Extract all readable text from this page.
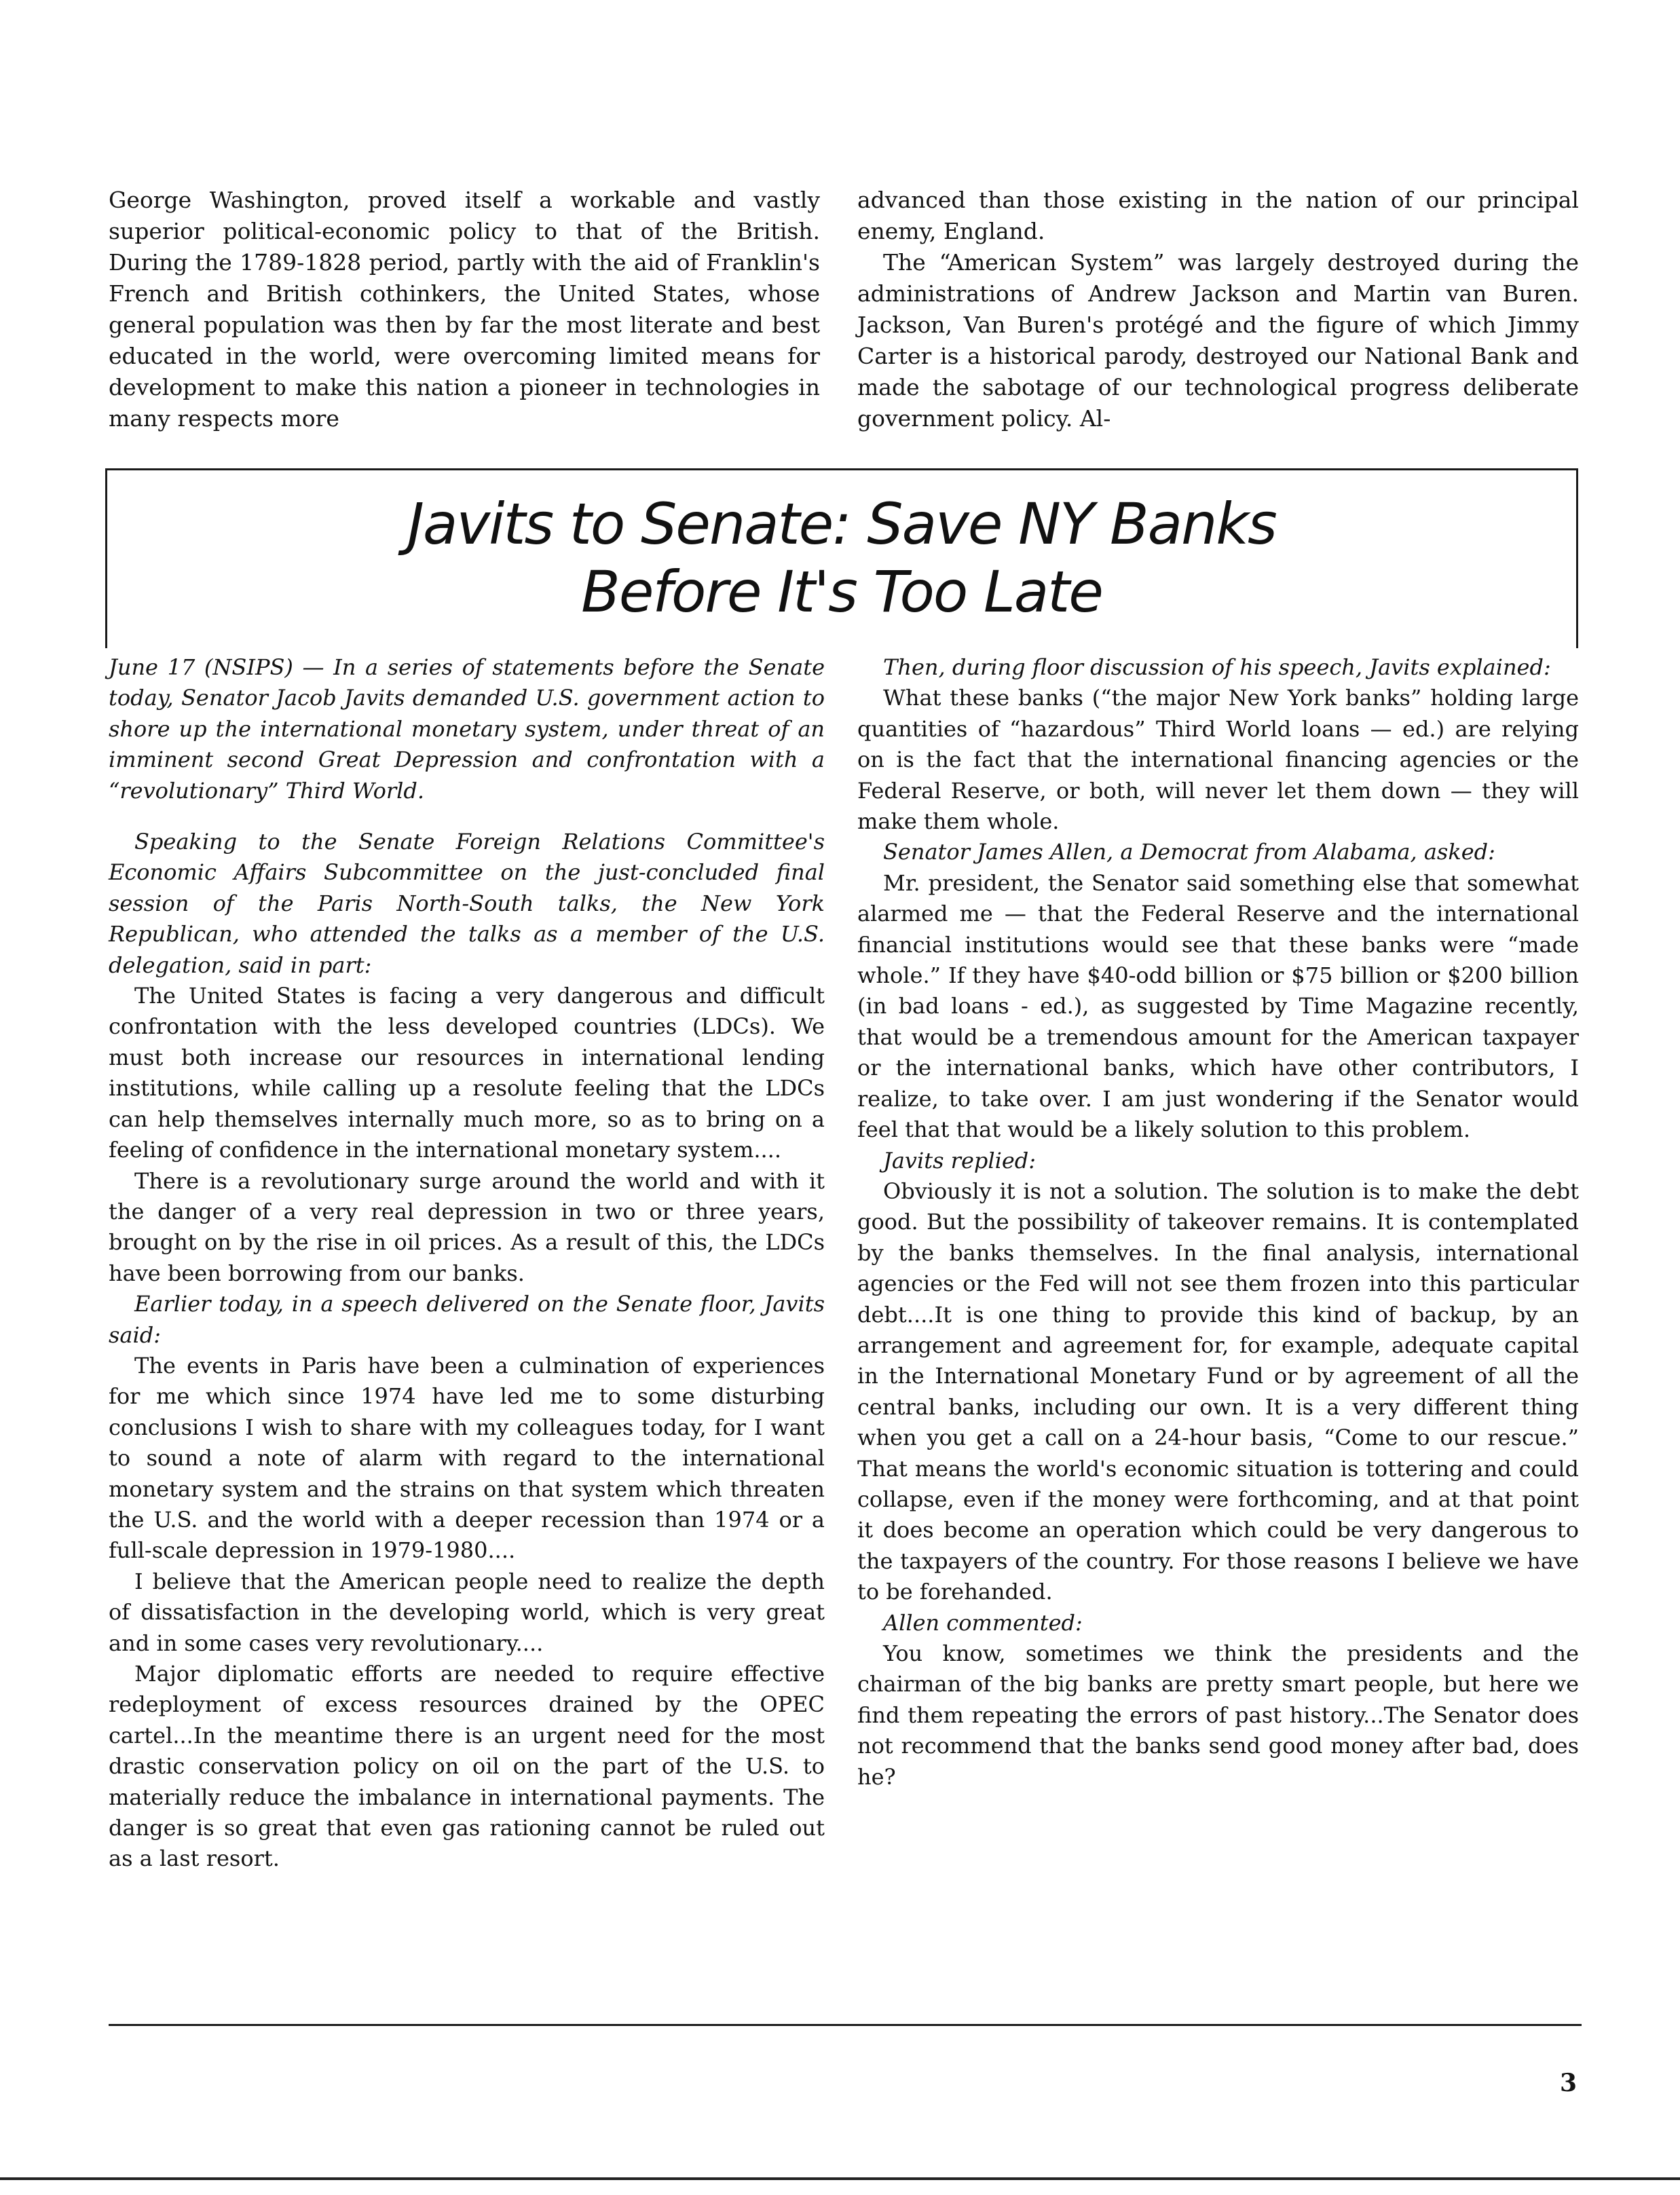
George Washington, proved itself a workable and vastly superior political-economic policy to that of the British. During the 1789-1828 period, partly with the aid of Franklin's French and British cothinkers, the United States, whose general population was then by far the most literate and best educated in the world, were overcoming limited means for development to make this nation a pioneer in technologies in many respects more

advanced than those existing in the nation of our principal enemy, England.

The “American System” was largely destroyed during the administrations of Andrew Jackson and Martin van Buren. Jackson, Van Buren's protégé and the figure of which Jimmy Carter is a historical parody, destroyed our National Bank and made the sabotage of our technological progress deliberate government policy. Al-

Javits to Senate: Save NY Banks
Before It's Too Late

June 17 (NSIPS) — In a series of statements before the Senate today, Senator Jacob Javits demanded U.S. government action to shore up the international monetary system, under threat of an imminent second Great Depression and confrontation with a “revolutionary” Third World.

Speaking to the Senate Foreign Relations Committee's Economic Affairs Subcommittee on the just-concluded final session of the Paris North-South talks, the New York Republican, who attended the talks as a member of the U.S. delegation, said in part:

The United States is facing a very dangerous and difficult confrontation with the less developed countries (LDCs). We must both increase our resources in international lending institutions, while calling up a resolute feeling that the LDCs can help themselves internally much more, so as to bring on a feeling of confidence in the international monetary system....

There is a revolutionary surge around the world and with it the danger of a very real depression in two or three years, brought on by the rise in oil prices. As a result of this, the LDCs have been borrowing from our banks.

Earlier today, in a speech delivered on the Senate floor, Javits said:

The events in Paris have been a culmination of experiences for me which since 1974 have led me to some disturbing conclusions I wish to share with my colleagues today, for I want to sound a note of alarm with regard to the international monetary system and the strains on that system which threaten the U.S. and the world with a deeper recession than 1974 or a full-scale depression in 1979-1980....

I believe that the American people need to realize the depth of dissatisfaction in the developing world, which is very great and in some cases very revolutionary....

Major diplomatic efforts are needed to require effective redeployment of excess resources drained by the OPEC cartel...In the meantime there is an urgent need for the most drastic conservation policy on oil on the part of the U.S. to materially reduce the imbalance in international payments. The danger is so great that even gas rationing cannot be ruled out as a last resort.

Then, during floor discussion of his speech, Javits explained:

What these banks (“the major New York banks” holding large quantities of “hazardous” Third World loans — ed.) are relying on is the fact that the international financing agencies or the Federal Reserve, or both, will never let them down — they will make them whole.

Senator James Allen, a Democrat from Alabama, asked:

Mr. president, the Senator said something else that somewhat alarmed me — that the Federal Reserve and the international financial institutions would see that these banks were “made whole.” If they have $40-odd billion or $75 billion or $200 billion (in bad loans - ed.), as suggested by Time Magazine recently, that would be a tremendous amount for the American taxpayer or the international banks, which have other contributors, I realize, to take over. I am just wondering if the Senator would feel that that would be a likely solution to this problem.

Javits replied:

Obviously it is not a solution. The solution is to make the debt good. But the possibility of takeover remains. It is contemplated by the banks themselves. In the final analysis, international agencies or the Fed will not see them frozen into this particular debt....It is one thing to provide this kind of backup, by an arrangement and agreement for, for example, adequate capital in the International Monetary Fund or by agreement of all the central banks, including our own. It is a very different thing when you get a call on a 24-hour basis, “Come to our rescue.” That means the world's economic situation is tottering and could collapse, even if the money were forthcoming, and at that point it does become an operation which could be very dangerous to the taxpayers of the country. For those reasons I believe we have to be forehanded.

Allen commented:

You know, sometimes we think the presidents and the chairman of the big banks are pretty smart people, but here we find them repeating the errors of past history...The Senator does not recommend that the banks send good money after bad, does he?

3
